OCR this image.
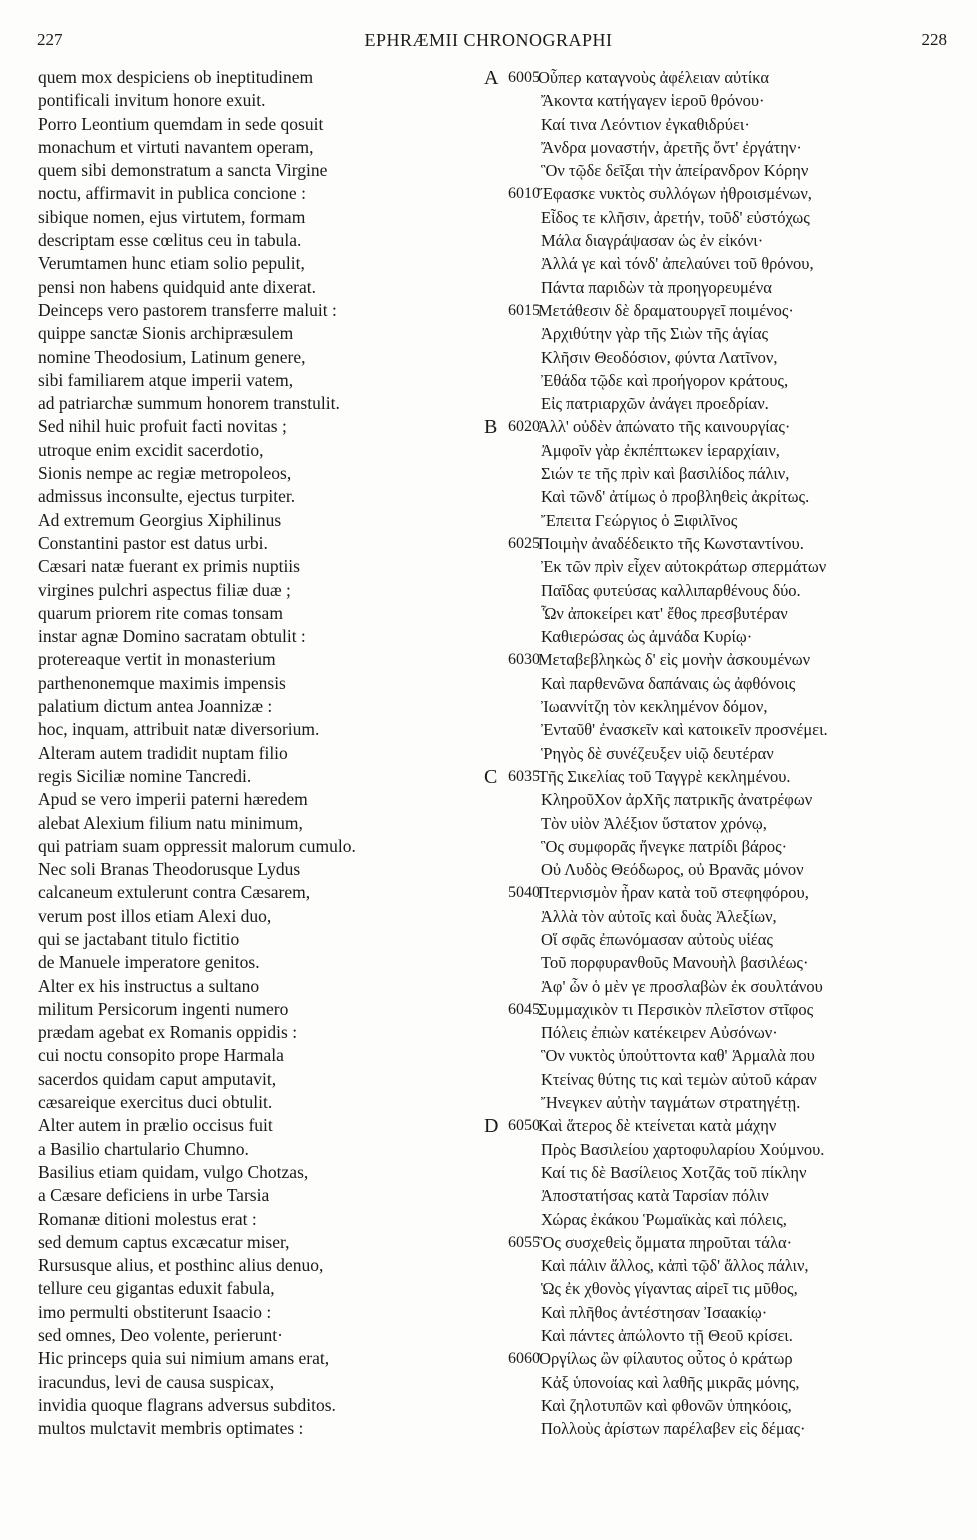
227	EPHRÆMII CHRONOGRAPHI	228
quem mox despiciens ob ineptitudinem
pontificali invitum honore exuit.
Porro Leontium quemdam in sede qosuit
monachum et virtuti navantem operam,
quem sibi demonstratum a sancta Virgine
noctu, affirmavit in publica concione :
sibique nomen, ejus virtutem, formam
descriptam esse cœlitus ceu in tabula.
Verumtamen hunc etiam solio pepulit,
pensi non habens quidquid ante dixerat.
Deinceps vero pastorem transferre maluit :
quippe sanctæ Sionis archipræsulem
nomine Theodosium, Latinum genere,
sibi familiarem atque imperii vatem,
ad patriarchæ summum honorem transtulit.
Sed nihil huic profuit facti novitas ;
utroque enim excidit sacerdotio,
Sionis nempe ac regiæ metropoleos,
admissus inconsulte, ejectus turpiter.
Ad extremum Georgius Xiphilinus
Constantini pastor est datus urbi.
Cæsari natæ fuerant ex primis nuptiis
virgines pulchri aspectus filiæ duæ ;
quarum priorem rite comas tonsam
instar agnæ Domino sacratam obtulit :
protereaque vertit in monasterium
parthenonemque maximis impensis
palatium dictum antea Joannizæ :
hoc, inquam, attribuit natæ diversorium.
Alteram autem tradidit nuptam filio
regis Siciliæ nomine Tancredi.
Apud se vero imperii paterni hæredem
alebat Alexium filium natu minimum,
qui patriam suam oppressit malorum cumulo.
Nec soli Branas Theodorusque Lydus
calcaneum extulerunt contra Cæsarem,
verum post illos etiam Alexi duo,
qui se jactabant titulo fictitio
de Manuele imperatore genitos.
Alter ex his instructus a sultano
militum Persicorum ingenti numero
prædam agebat ex Romanis oppidis :
cui noctu consopito prope Harmala
sacerdos quidam caput amputavit,
cæsareique exercitus duci obtulit.
Alter autem in prælio occisus fuit
a Basilio chartulario Chumno.
Basilius etiam quidam, vulgo Chotzas,
a Cæsare deficiens in urbe Tarsia
Romanæ ditioni molestus erat :
sed demum captus excæcatur miser,
Rursusque alius, et posthinc alius denuo,
tellure ceu gigantas eduxit fabula,
imo permulti obstiterunt Isaacio :
sed omnes, Deo volente, perierunt·
Hic princeps quia sui nimium amans erat,
iracundus, levi de causa suspicax,
invidia quoque flagrans adversus subditos.
multos mulctavit membris optimates :
A 6005
Οὗπερ καταγνοὺς ἀφέλειαν αὐτίκα
Ἄκοντα κατήγαγεν ἱεροῦ θρόνου·
Καί τινα Λεόντιον ἐγκαθιδρύει·
Ἄνδρα μοναστήν, ἀρετῆς ὄντ' ἐργάτην·
Ὃν τῷδε δεῖξαι τὴν ἀπείρανδρον Κόρην
6010
Ἔφασκε νυκτὸς συλλόγων ἠθροισμένων,
Εἶδος τε κλῆσιν, ἀρετήν, τοῦδ' εὐστόχως
Μάλα διαγράψασαν ὡς ἐν εἰκόνι·
Ἀλλά γε καὶ τόνδ' ἀπελαύνει τοῦ θρόνου,
Πάντα παριδὼν τὰ προηγορευμένα
6015
Μετάθεσιν δὲ δραματουργεῖ ποιμένος·
Ἀρχιθύτην γὰρ τῆς Σιὼν τῆς ἁγίας
Κλῆσιν Θεοδόσιον, φύντα Λατῖνον,
Ἐθάδα τῷδε καὶ προήγορον κράτους,
Εἰς πατριαρχῶν ἀνάγει προεδρίαν.
B 6020
Ἀλλ' οὐδὲν ἀπώνατο τῆς καινουργίας·
Ἀμφοῖν γὰρ ἐκπέπτωκεν ἱεραρχίαιν,
Σιών τε τῆς πρὶν καὶ βασιλίδος πάλιν,
Καὶ τῶνδ' ἀτίμως ὁ προβληθεὶς ἀκρίτως.
Ἔπειτα Γεώργιος ὁ Ξιφιλῖνος
6025
Ποιμὴν ἀναδέδεικτο τῆς Κωνσταντίνου.
Ἐκ τῶν πρὶν εἶχεν αὐτοκράτωρ σπερμάτων
Παῖδας φυτεύσας καλλιπαρθένους δύο.
Ὧν ἀποκείρει κατ' ἔθος πρεσβυτέραν
Καθιερώσας ὡς ἀμνάδα Κυρίῳ·
6030
Μεταβεβληκὼς δ' εἰς μονὴν ἀσκουμένων
Καὶ παρθενῶνα δαπάναις ὡς ἀφθόνοις
Ἰωαννίτζη τὸν κεκλημένον δόμον,
Ἐνταῦθ' ἐνασκεῖν καὶ κατοικεῖν προσνέμει.
Ῥηγὸς δὲ συνέζευξεν υἱῷ δευτέραν
C 6035
Τῆς Σικελίας τοῦ Ταγγρὲ κεκλημένου.
ΚληροῦΧον ἀρΧῆς πατρικῆς ἀνατρέφων
Τὸν υἱὸν Ἀλέξιον ὕστατον χρόνῳ,
Ὃς συμφορᾶς ἤνεγκε πατρίδι βάρος·
Οὐ Λυδὸς Θεόδωρος, οὐ Βρανᾶς μόνον
5040
Πτερνισμὸν ἦραν κατὰ τοῦ στεφηφόρου,
Ἀλλὰ τὸν αὐτοῖς καὶ δυὰς Ἀλεξίων,
Οἵ σφᾶς ἐπωνόμασαν αὐτοὺς υἱέας
Τοῦ πορφυρανθοῦς Μανουὴλ βασιλέως·
Ἀφ' ὧν ὁ μὲν γε προσλαβὼν ἐκ σουλτάνου
6045
Συμμαχικὸν τι Περσικὸν πλεῖστον στῖφος
Πόλεις ἐπιὼν κατέκειρεν Αὐσόνων·
Ὃν νυκτὸς ὑποὐττοντα καθ' Ἁρμαλὰ που
Κτείνας θύτης τις καὶ τεμὼν αὐτοῦ κάραν
Ἤνεγκεν αὐτὴν ταγμάτων στρατηγέτῃ.
D 6050
Καὶ ἅτερος δὲ κτείνεται κατὰ μάχην
Πρὸς Βασιλείου χαρτοφυλαρίου Χούμνου.
Καί τις δὲ Βασίλειος Χοτζᾶς τοῦ πίκλην
Ἀποστατήσας κατὰ Ταρσίαν πόλιν
Χώρας ἐκάκου Ῥωμαϊκὰς καὶ πόλεις,
6055
Ὃς συσχεθεὶς ὄμματα πηροῦται τάλα·
Καὶ πάλιν ἄλλος, κἀπὶ τῷδ' ἄλλος πάλιν,
Ὡς ἐκ χθονὸς γίγαντας αἱρεῖ τις μῦθος,
Καὶ πλῆθος ἀντέστησαν Ἰσαακίῳ·
Καὶ πάντες ἀπώλοντο τῇ Θεοῦ κρίσει.
6060
Ὀργίλως ὢν φίλαυτος οὗτος ὁ κράτωρ
Κἀξ ὑπονοίας καὶ λαθῆς μικρᾶς μόνης,
Καὶ ζηλοτυπῶν καὶ φθονῶν ὑπηκόοις,
Πολλοὺς ἀρίστων παρέλαβεν εἰς δέμας·
